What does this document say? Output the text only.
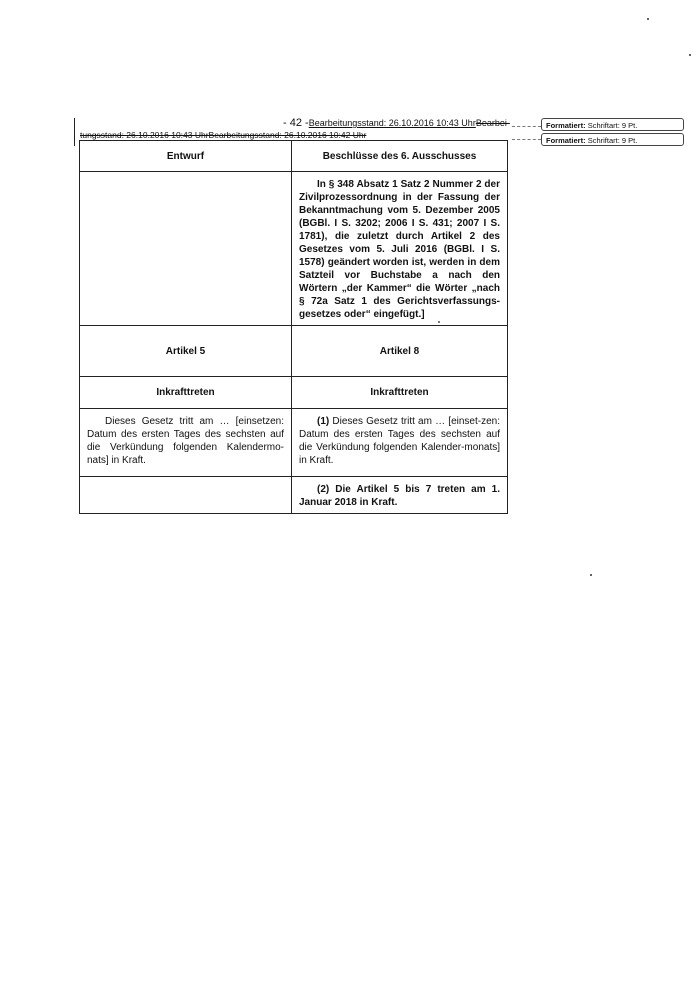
- 42 -Bearbeitungsstand: 26.10.2016 10:43 UhrBearbei-
tungsstand: 26.10.2016 10:43 UhrBearbeitungsstand: 26.10.2016 10:42 Uhr
Formatiert: Schriftart: 9 Pt.
Formatiert: Schriftart: 9 Pt.
Entwurf	Beschlüsse des 6. Ausschusses
	In § 348 Absatz 1 Satz 2 Nummer 2 der Zivilprozessordnung in der Fassung der Bekanntmachung vom 5. Dezember 2005 (BGBl. I S. 3202; 2006 I S. 431; 2007 I S. 1781), die zuletzt durch Artikel 2 des Gesetzes vom 5. Juli 2016 (BGBl. I S. 1578) geändert worden ist, werden in dem Satzteil vor Buchstabe a nach den Wörtern „der Kammer“ die Wörter „nach § 72a Satz 1 des Gerichtsverfassungs-gesetzes oder“ eingefügt.]

Artikel 5	Artikel 8
Inkrafttreten	Inkrafttreten
Dieses Gesetz tritt am … [einsetzen: Datum des ersten Tages des sechsten auf die Verkündung folgenden Kalendermo-nats] in Kraft.	(1) Dieses Gesetz tritt am … [einset-zen: Datum des ersten Tages des sechsten auf die Verkündung folgenden Kalender-monats] in Kraft.
	(2) Die Artikel 5 bis 7 treten am 1. Januar 2018 in Kraft.
